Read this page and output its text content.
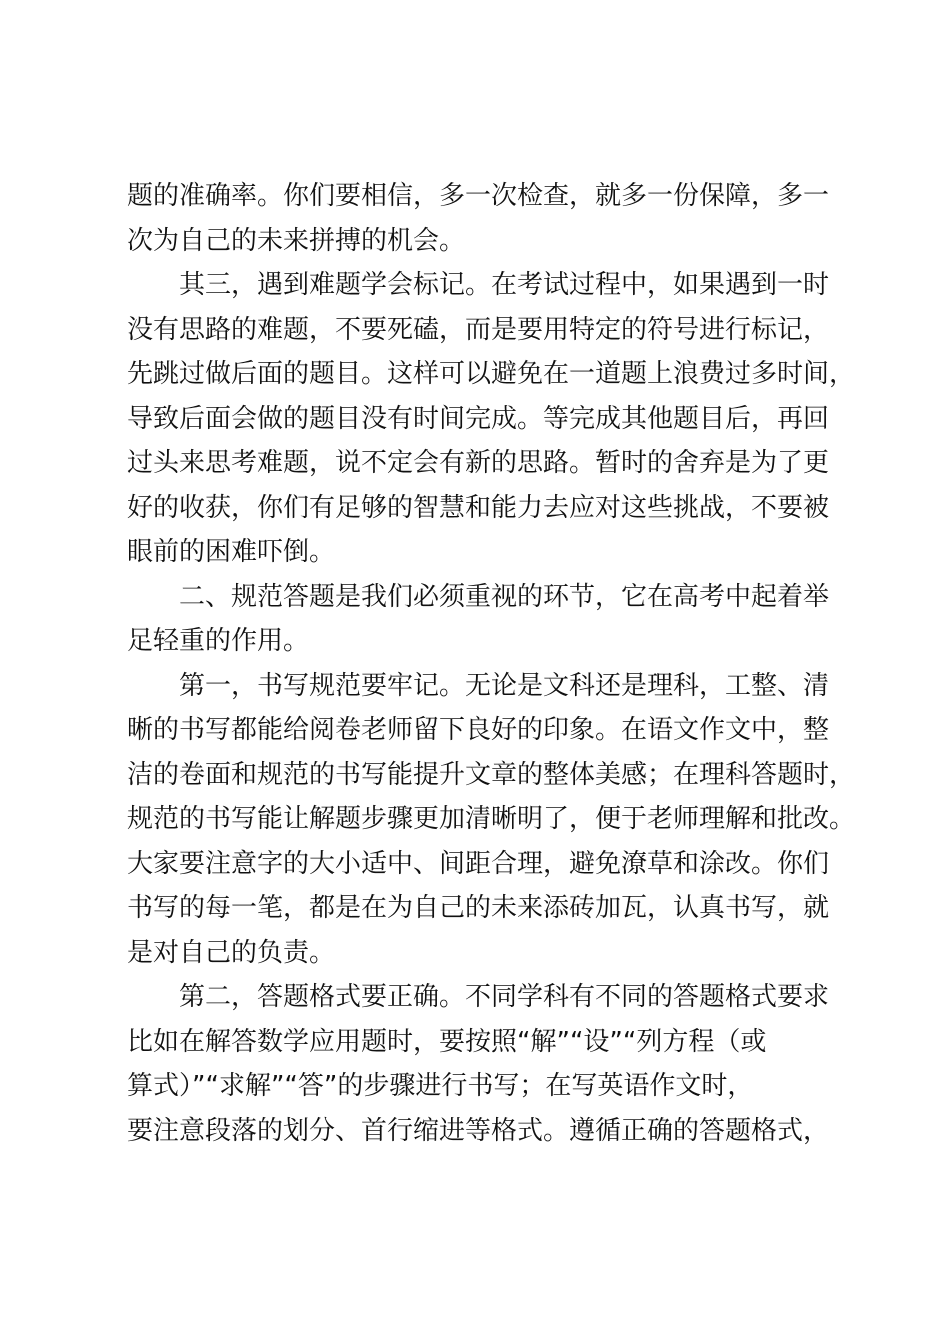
题的准确率。你们要相信，多一次检查，就多一份保障，多一
次为自己的未来拼搏的机会。
其三，遇到难题学会标记。在考试过程中，如果遇到一时
没有思路的难题，不要死磕，而是要用特定的符号进行标记，
先跳过做后面的题目。这样可以避免在一道题上浪费过多时间，
导致后面会做的题目没有时间完成。等完成其他题目后，再回
过头来思考难题，说不定会有新的思路。暂时的舍弃是为了更
好的收获，你们有足够的智慧和能力去应对这些挑战，不要被
眼前的困难吓倒。
二、规范答题是我们必须重视的环节，它在高考中起着举
足轻重的作用。
第一，书写规范要牢记。无论是文科还是理科，工整、清
晰的书写都能给阅卷老师留下良好的印象。在语文作文中，整
洁的卷面和规范的书写能提升文章的整体美感；在理科答题时，
规范的书写能让解题步骤更加清晰明了，便于老师理解和批改。
大家要注意字的大小适中、间距合理，避免潦草和涂改。你们
书写的每一笔，都是在为自己的未来添砖加瓦，认真书写，就
是对自己的负责。
第二，答题格式要正确。不同学科有不同的答题格式要求
比如在解答数学应用题时，要按照“解”“设”“列方程（或
算式）”“求解”“答”的步骤进行书写；在写英语作文时，
要注意段落的划分、首行缩进等格式。遵循正确的答题格式，
